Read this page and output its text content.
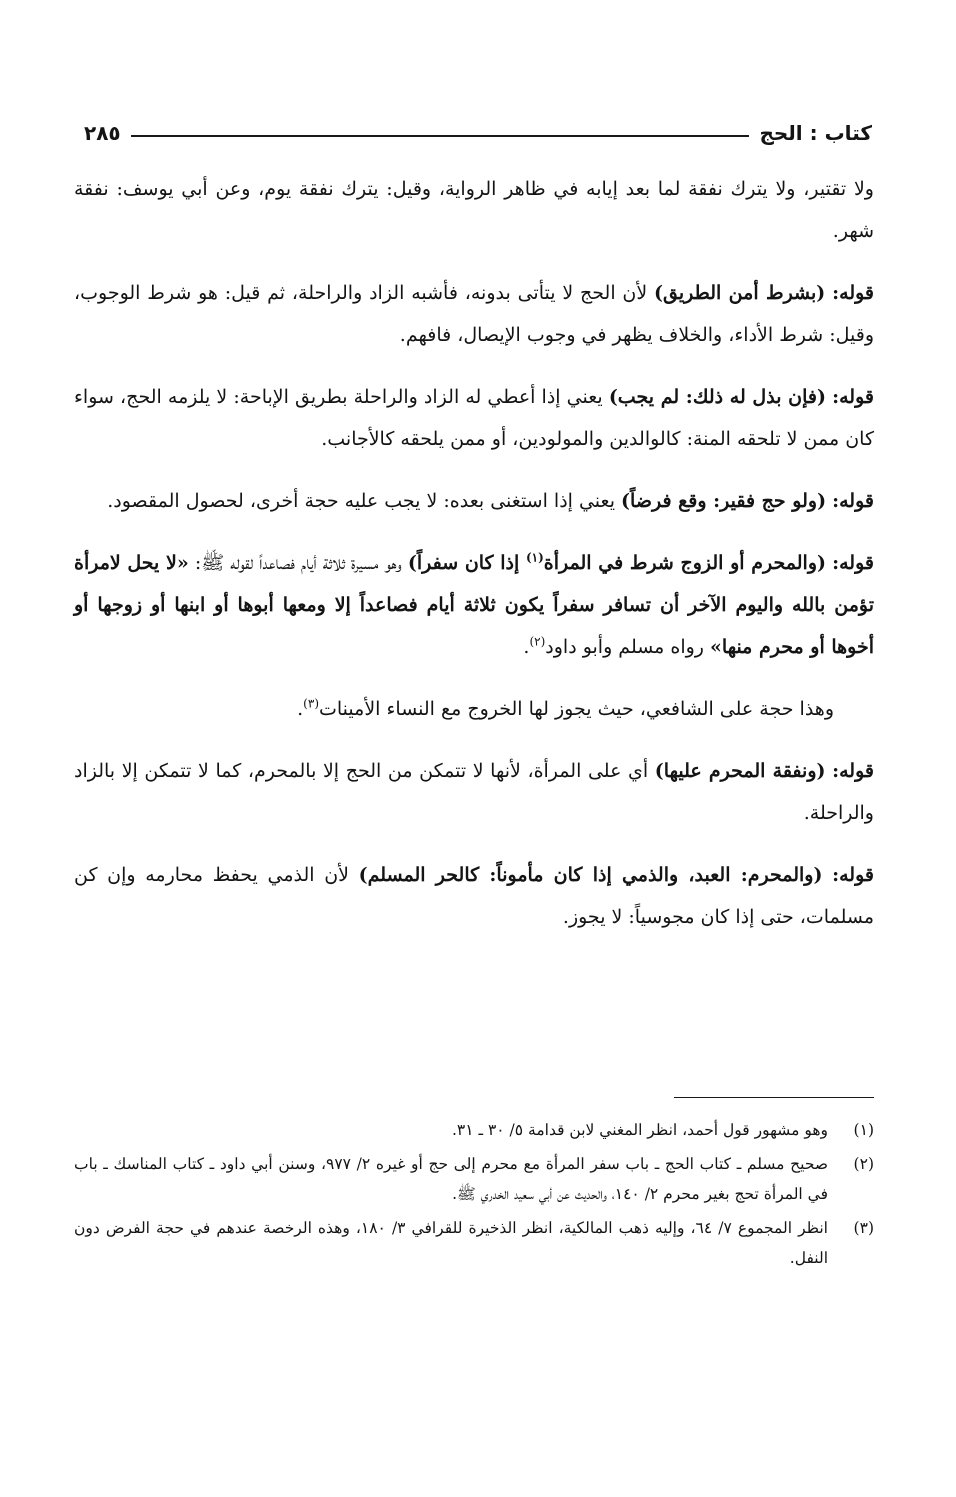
٢٨٥	كتاب : الحج

ولا تقتير، ولا يترك نفقة لما بعد إيابه في ظاهر الرواية، وقيل: يترك نفقة يوم، وعن أبي يوسف: نفقة شهر.

قوله: (بشرط أمن الطريق) لأن الحج لا يتأتى بدونه، فأشبه الزاد والراحلة، ثم قيل: هو شرط الوجوب، وقيل: شرط الأداء، والخلاف يظهر في وجوب الإيصال، فافهم.

قوله: (فإن بذل له ذلك: لم يجب) يعني إذا أعطي له الزاد والراحلة بطريق الإباحة: لا يلزمه الحج، سواء كان ممن لا تلحقه المنة: كالوالدين والمولودين، أو ممن يلحقه كالأجانب.

قوله: (ولو حج فقير: وقع فرضاً) يعني إذا استغنى بعده: لا يجب عليه حجة أخرى، لحصول المقصود.

قوله: (والمحرم أو الزوج شرط في المرأة$^{(١)}$ إذا كان سفراً) وهو مسيرة ثلاثة أيام فصاعداً لقوله ﷺ: «لا يحل لامرأة تؤمن بالله واليوم الآخر أن تسافر سفراً يكون ثلاثة أيام فصاعداً إلا ومعها أبوها أو ابنها أو زوجها أو أخوها أو محرم منها» رواه مسلم وأبو داود$^{(٢)}$.

وهذا حجة على الشافعي، حيث يجوز لها الخروج مع النساء الأمينات$^{(٣)}$.

قوله: (ونفقة المحرم عليها) أي على المرأة، لأنها لا تتمكن من الحج إلا بالمحرم، كما لا تتمكن إلا بالزاد والراحلة.

قوله: (والمحرم: العبد، والذمي إذا كان مأموناً: كالحر المسلم) لأن الذمي يحفظ محارمه وإن كن مسلمات، حتى إذا كان مجوسياً: لا يجوز.

(١)
وهو مشهور قول أحمد، انظر المغني لابن قدامة ٥/ ٣٠ ـ ٣١.
(٢)
صحيح مسلم ـ كتاب الحج ـ باب سفر المرأة مع محرم إلى حج أو غيره ٢/ ٩٧٧، وسنن أبي داود ـ كتاب المناسك ـ باب في المرأة تحج بغير محرم ٢/ ١٤٠، والحديث عن أبي سعيد الخدري ﷺ.
(٣)
انظر المجموع ٧/ ٦٤، وإليه ذهب المالكية، انظر الذخيرة للقرافي ٣/ ١٨٠، وهذه الرخصة عندهم في حجة الفرض دون النفل.
